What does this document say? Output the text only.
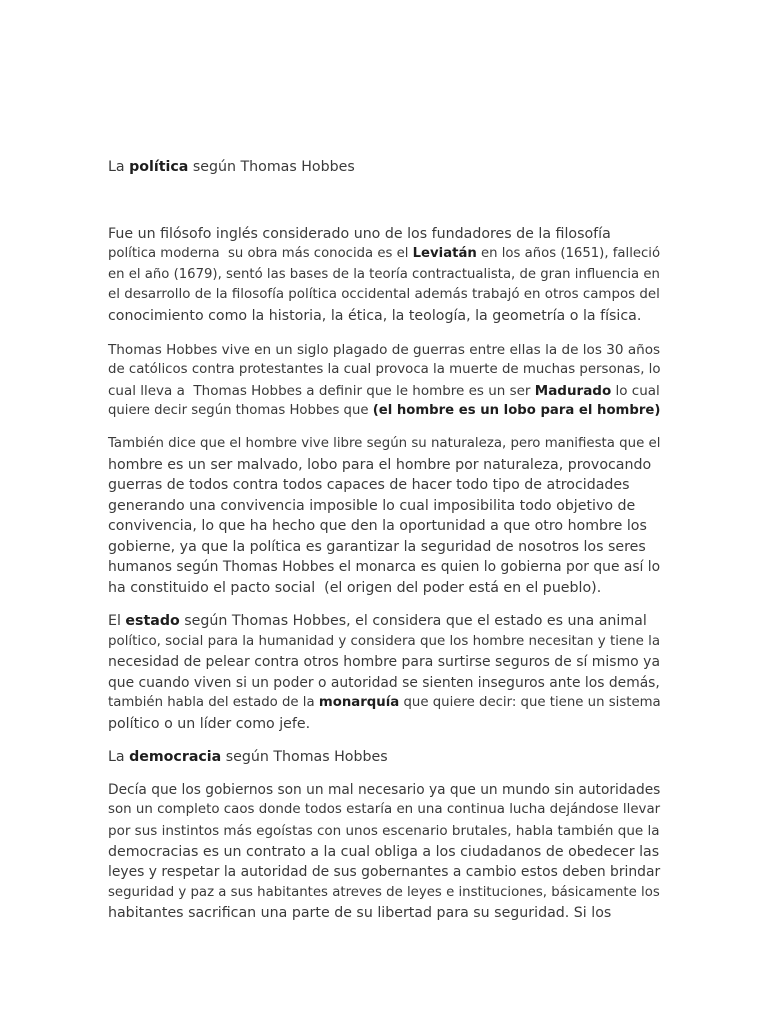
La política según Thomas Hobbes
Fue un filósofo inglés considerado uno de los fundadores de la filosofía
política moderna  su obra más conocida es el Leviatán en los años (1651), falleció
en el año (1679), sentó las bases de la teoría contractualista, de gran influencia en
el desarrollo de la filosofía política occidental además trabajó en otros campos del
conocimiento como la historia, la ética, la teología, la geometría o la física.
Thomas Hobbes vive en un siglo plagado de guerras entre ellas la de los 30 años
de católicos contra protestantes la cual provoca la muerte de muchas personas, lo
cual lleva a  Thomas Hobbes a definir que le hombre es un ser Madurado lo cual
quiere decir según thomas Hobbes que (el hombre es un lobo para el hombre)
También dice que el hombre vive libre según su naturaleza, pero manifiesta que el
hombre es un ser malvado, lobo para el hombre por naturaleza, provocando
guerras de todos contra todos capaces de hacer todo tipo de atrocidades
generando una convivencia imposible lo cual imposibilita todo objetivo de
convivencia, lo que ha hecho que den la oportunidad a que otro hombre los
gobierne, ya que la política es garantizar la seguridad de nosotros los seres
humanos según Thomas Hobbes el monarca es quien lo gobierna por que así lo
ha constituido el pacto social  (el origen del poder está en el pueblo).
El estado según Thomas Hobbes, el considera que el estado es una animal
político, social para la humanidad y considera que los hombre necesitan y tiene la
necesidad de pelear contra otros hombre para surtirse seguros de sí mismo ya
que cuando viven si un poder o autoridad se sienten inseguros ante los demás,
también habla del estado de la monarquía que quiere decir: que tiene un sistema
político o un líder como jefe.
La democracia según Thomas Hobbes
Decía que los gobiernos son un mal necesario ya que un mundo sin autoridades
son un completo caos donde todos estaría en una continua lucha dejándose llevar
por sus instintos más egoístas con unos escenario brutales, habla también que la
democracias es un contrato a la cual obliga a los ciudadanos de obedecer las
leyes y respetar la autoridad de sus gobernantes a cambio estos deben brindar
seguridad y paz a sus habitantes atreves de leyes e instituciones, básicamente los
habitantes sacrifican una parte de su libertad para su seguridad. Si los
